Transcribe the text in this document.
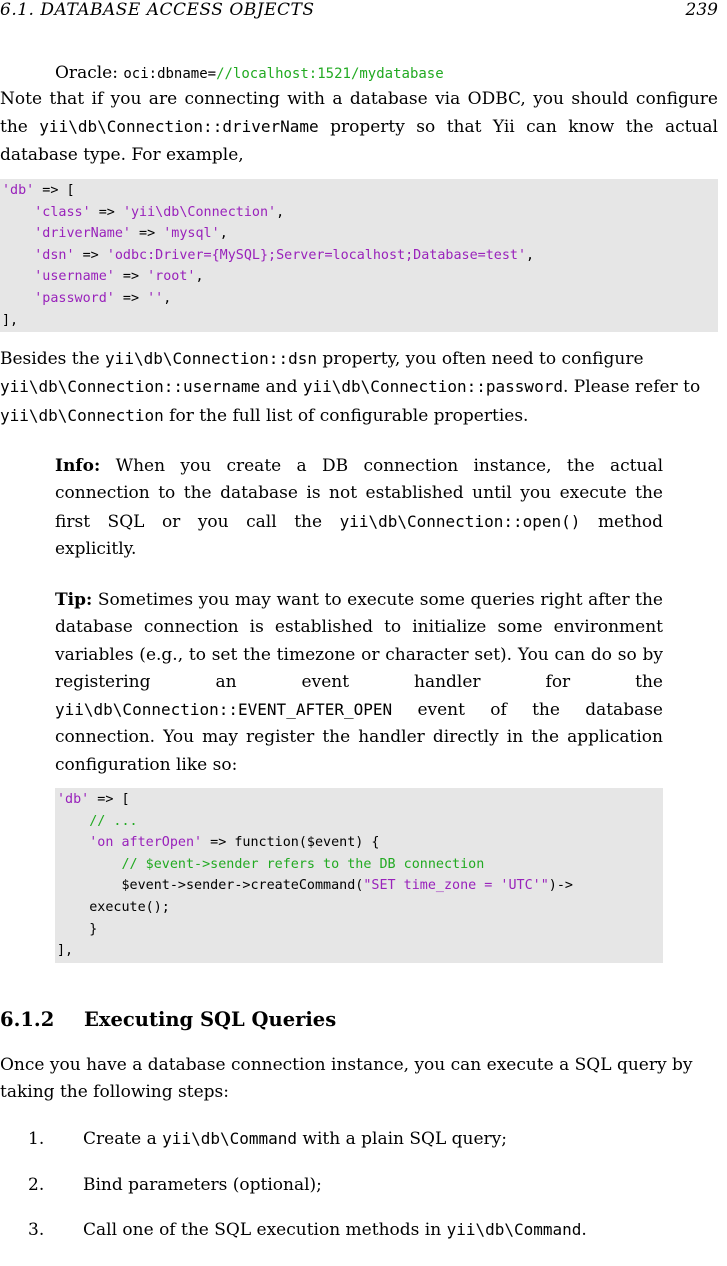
6.1. DATABASE ACCESS OBJECTS	239
Oracle: oci:dbname=//localhost:1521/mydatabase

Note that if you are connecting with a database via ODBC, you should configure the yii\db\Connection::driverName property so that Yii can know the actual database type. For example,

'db' => [
'class' => 'yii\db\Connection',
'driverName' => 'mysql',
'dsn' => 'odbc:Driver={MySQL};Server=localhost;Database=test',
'username' => 'root',
'password' => '',
],

Besides the yii\db\Connection::dsn property, you often need to configure yii\db\Connection::username and yii\db\Connection::password. Please refer to yii\db\Connection for the full list of configurable properties.

Info: When you create a DB connection instance, the actual connection to the database is not established until you execute the first SQL or you call the yii\db\Connection::open() method explicitly.

Tip: Sometimes you may want to execute some queries right after the database connection is established to initialize some environment variables (e.g., to set the timezone or character set). You can do so by registering an event handler for the yii\db\Connection::EVENT_AFTER_OPEN event of the database connection. You may register the handler directly in the application configuration like so:

'db' => [
// ...
'on afterOpen' => function($event) {
// $event->sender refers to the DB connection
$event->sender->createCommand("SET time_zone = 'UTC'")->
execute();
}
],
6.1.2 Executing SQL Queries

Once you have a database connection instance, you can execute a SQL query by taking the following steps:

1. Create a yii\db\Command with a plain SQL query;
2. Bind parameters (optional);
3. Call one of the SQL execution methods in yii\db\Command.
